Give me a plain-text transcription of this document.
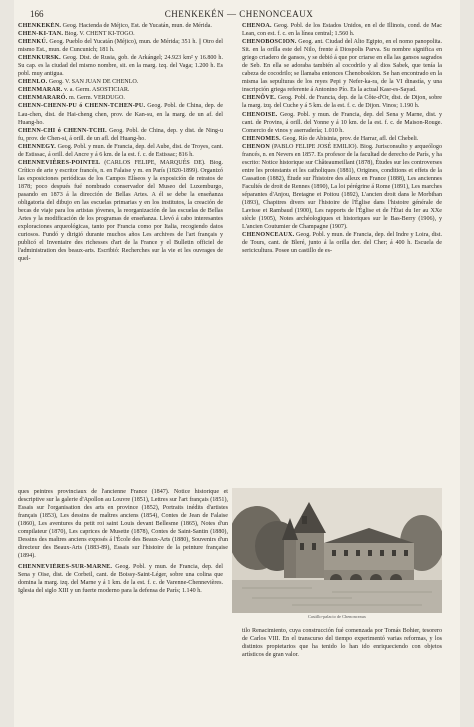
166	CHENKEKÉN — CHENONCEAUX

CHENKEKÉN. Geog. Hacienda de Méjico, Est. de Yucatán, mun. de Mérida.

CHEN-KI-TAN. Biog. V. CHENT KI-TOGO.

CHENKÚ. Geog. Pueblo del Yucatán (Méjico), mun. de Mérida; 351 h. || Otro del mismo Est., mun. de Cuncunich; 181 h.

CHENKURSK. Geog. Dist. de Rusia, gob. de Arkángel; 24.923 km² y 16.800 h. Su cap. es la ciudad del mismo nombre, sit. en la marg. izq. del Vaga; 1.200 h. Es pobl. muy antigua.

CHENLO. Geog. V. SAN JUAN DE CHENLO.

CHENMARAR. v. a. Germ. ASOSTICIAR.

CHENMARARÓ. m. Germ. VERDUGO.

CHENN-CHENN-PU ó CHENN-TCHEN-PU. Geog. Pobl. de China, dep. de Lau-chen, dist. de Hai-cheng chen, prov. de Kan-su, en la marg. de un af. del Huang-ho.

CHENN-CHI ó CHENN-TCHI. Geog. Pobl. de China, dep. y dist. de Ning-u fu, prov. de Chen-si, á orill. de un afl. del Huang-ho.

CHENNEGY. Geog. Pobl. y mun. de Francia, dep. del Aube, dist. de Troyes, cant. de Estissac, á orill. del Ancre y á 6 km. de la est. f. c. de Estissac; 816 h.

CHENNEVIÈRES-POINTEL (CARLOS FELIPE, MARQUÉS DE). Biog. Crítico de arte y escritor francés, n. en Falaise y m. en París (1820-1899). Organizó las exposiciones periódicas de los Campos Elíseos y la exposición de retratos de 1878; poco después fué nombrado conservador del Museo del Luxemburgo, pasando en 1873 á la dirección de Bellas Artes. A él se debe la enseñanza obligatoria del dibujo en las escuelas primarias y en los institutos, la creación de becas de viaje para los artistas jóvenes, la reorganización de las escuelas de Bellas Artes y la modificación de los programas de enseñanza. Llevó á cabo interesantes exploraciones arqueológicas, tanto por Francia como por Italia, recogiendo datos curiosos. Fundó y dirigió durante muchos años Les archives de l'art français y publicó el Inventaire des richesses d'art de la France y el Bulletin officiel de l'administration des beaux-arts. Escribió: Recherches sur la vie et les ouvrages de quel-

ques peintres provinciaux de l'ancienne France (1847). Notice historique et descriptive sur la galerie d'Apollon au Louvre (1851), Lettres sur l'art français (1851), Essais sur l'organisation des arts en province (1852), Portraits inédits d'artistes français (1853), Les dessins de maîtres anciens (1854), Contes de Jean de Falaise (1860), Les aventures du petit roi saint Louis devant Bellesme (1865), Notes d'un compilateur (1870), Les caprices de Musette (1878), Contes de Saint-Santin (1880), Dessins des maîtres anciens exposés á l'École des Beaux-Arts (1880), Souvenirs d'un directeur des Beaux-Arts (1883-89), Essais sur l'histoire de la peinture française (1894).

CHENNEVIÈRES-SUR-MARNE. Geog. Pobl. y mun. de Francia, dep. del Sena y Oise, dist. de Corbeil, cant. de Boissy-Saint-Léger, sobre una colina que domina la marg. izq. del Marne y á 1 km. de la est. f. c. de Varenne-Chennevières. Iglesia del siglo XIII y un fuerte moderno para la defensa de París; 1.140 h.

CHENOA. Geog. Pobl. de los Estados Unidos, en el de Illinois, cond. de Mac Lean, con est. f. c. en la línea central; 1.560 h.

CHENOBOSCION. Geog. ant. Ciudad del Alto Egipto, en el nomo panopolita. Sit. en la orilla este del Nilo, frente á Diospolis Parva. Su nombre significa en griego criadero de gansos, y se debió á que por criarse en ella las gansos sagrados de Seb. En ella se adoraba también al cocodrilo y al dios Sabek, que tenía la cabeza de cocodrilo; se llamaba entonces Chenoboskion. Se han encontrado en la misma las sepulturas de los reyes Pepi y Nefer-ka-ra, de la VI dinastía, y una inscripción griega referente á Antonino Pío. Es la actual Kasr-es-Sayad.

CHENÔVE. Geog. Pobl. de Francia, dep. de la Côte-d'Or, dist. de Dijon, sobre la marg. izq. del Cuche y á 5 km. de la est. f. c. de Dijon. Vinos; 1.190 h.

CHENOISE. Geog. Pobl. y mun. de Francia, dep. del Sena y Marne, dist. y cant. de Provins, á orill. del Yonne y á 10 km. de la est. f. c. de Maison-Rouge. Comercio de vinos y aserradería; 1.010 h.

CHENOMES. Geog. Río de Abisinia, prov. de Harrar, afl. del Chebeli.

CHENON (PABLO FELIPE JOSÉ EMILIO). Biog. Jurisconsulto y arqueólogo francés, n. en Nevers en 1857. Es profesor de la facultad de derecho de París, y ha escrito: Notice historique sur Châteaumeillant (1878), Études sur les controverses entre les protestants et les catholiques (1881), Origines, conditions et effets de la Cassation (1882), Étude sur l'histoire des alleux en France (1888), Les anciennes Facultés de droit de Rennes (1890), La loi pérégrine á Rome (1891), Les marches séparantes d'Anjou, Bretagne et Poitou (1892), L'ancien droit dans le Morbihan (1893), Chapitres divers sur l'histoire de l'Église dans l'histoire générale de Lavisse et Rambaud (1900), Les rapports de l'Église et de l'État du Ier au XXe siècle (1905), Notes archéologiques et historiques sur le Bas-Berry (1906), y L'ancien Coutumier de Champagne (1907).

CHENONCEAUX. Geog. Pobl. y mun. de Francia, dep. del Indre y Loira, dist. de Tours, cant. de Bleré, junto á la orilla der. del Cher; á 400 h. Escuela de sericicultura. Posee un castillo de es-

tilo Renacimiento, cuya construcción fué comenzada por Tomás Bohier, tesorero de Carlos VIII. En el transcurso del tiempo experimentó varias reformas, y los distintos propietarios que ha tenido lo han ido enriqueciendo con objetos artísticos de gran valor.

Castillo-palacio de Chenonceaux
